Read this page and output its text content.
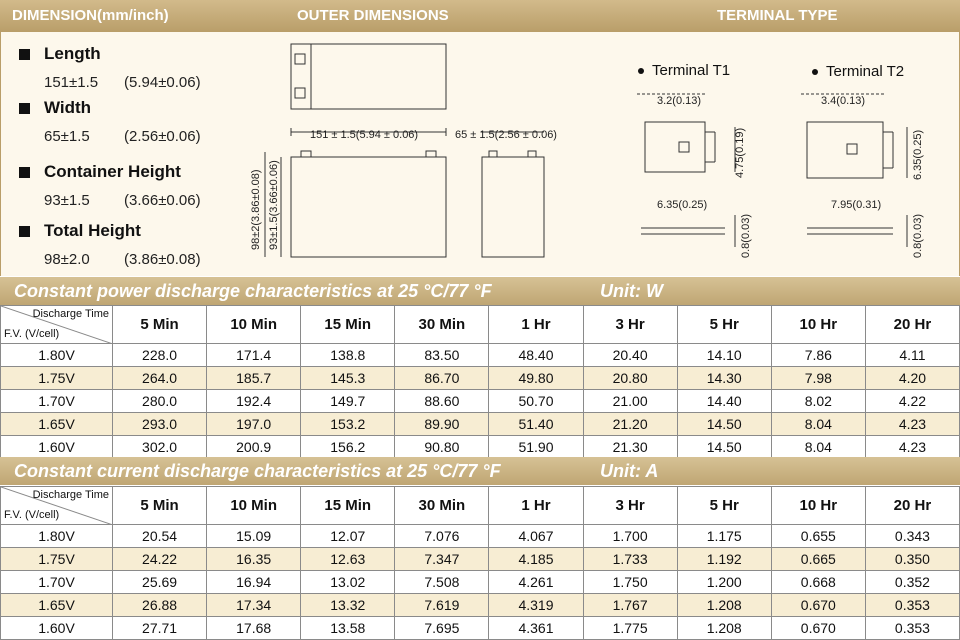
DIMENSION(mm/inch)	OUTER DIMENSIONS	TERMINAL TYPE
Length
151±1.5 (5.94±0.06)
Width
65±1.5 (2.56±0.06)
Container Height
93±1.5 (3.66±0.06)
Total Height
98±2.0 (3.86±0.08)
151 ± 1.5(5.94 ± 0.06)	65 ± 1.5(2.56 ± 0.06)
98±2(3.86±0.08) 93±1.5(3.66±0.06)
3.2(0.13)
4.75(0.19)
6.35(0.25)
0.8(0.03)
3.4(0.13)
6.35(0.25)
7.95(0.31)
0.8(0.03)
Terminal T1	Terminal T2
Constant power discharge characteristics at 25 °C/77 °F	Unit: W
Discharge Time
F.V. (V/cell)	5 Min	10 Min	15 Min	30 Min	1 Hr	3 Hr	5 Hr	10 Hr	20 Hr
1.80V	228.0	171.4	138.8	83.50	48.40	20.40	14.10	7.86	4.11
1.75V	264.0	185.7	145.3	86.70	49.80	20.80	14.30	7.98	4.20
1.70V	280.0	192.4	149.7	88.60	50.70	21.00	14.40	8.02	4.22
1.65V	293.0	197.0	153.2	89.90	51.40	21.20	14.50	8.04	4.23
1.60V	302.0	200.9	156.2	90.80	51.90	21.30	14.50	8.04	4.23
Constant current discharge characteristics at 25 °C/77 °F	Unit: A
Discharge Time
F.V. (V/cell)	5 Min	10 Min	15 Min	30 Min	1 Hr	3 Hr	5 Hr	10 Hr	20 Hr
1.80V	20.54	15.09	12.07	7.076	4.067	1.700	1.175	0.655	0.343
1.75V	24.22	16.35	12.63	7.347	4.185	1.733	1.192	0.665	0.350
1.70V	25.69	16.94	13.02	7.508	4.261	1.750	1.200	0.668	0.352
1.65V	26.88	17.34	13.32	7.619	4.319	1.767	1.208	0.670	0.353
1.60V	27.71	17.68	13.58	7.695	4.361	1.775	1.208	0.670	0.353
